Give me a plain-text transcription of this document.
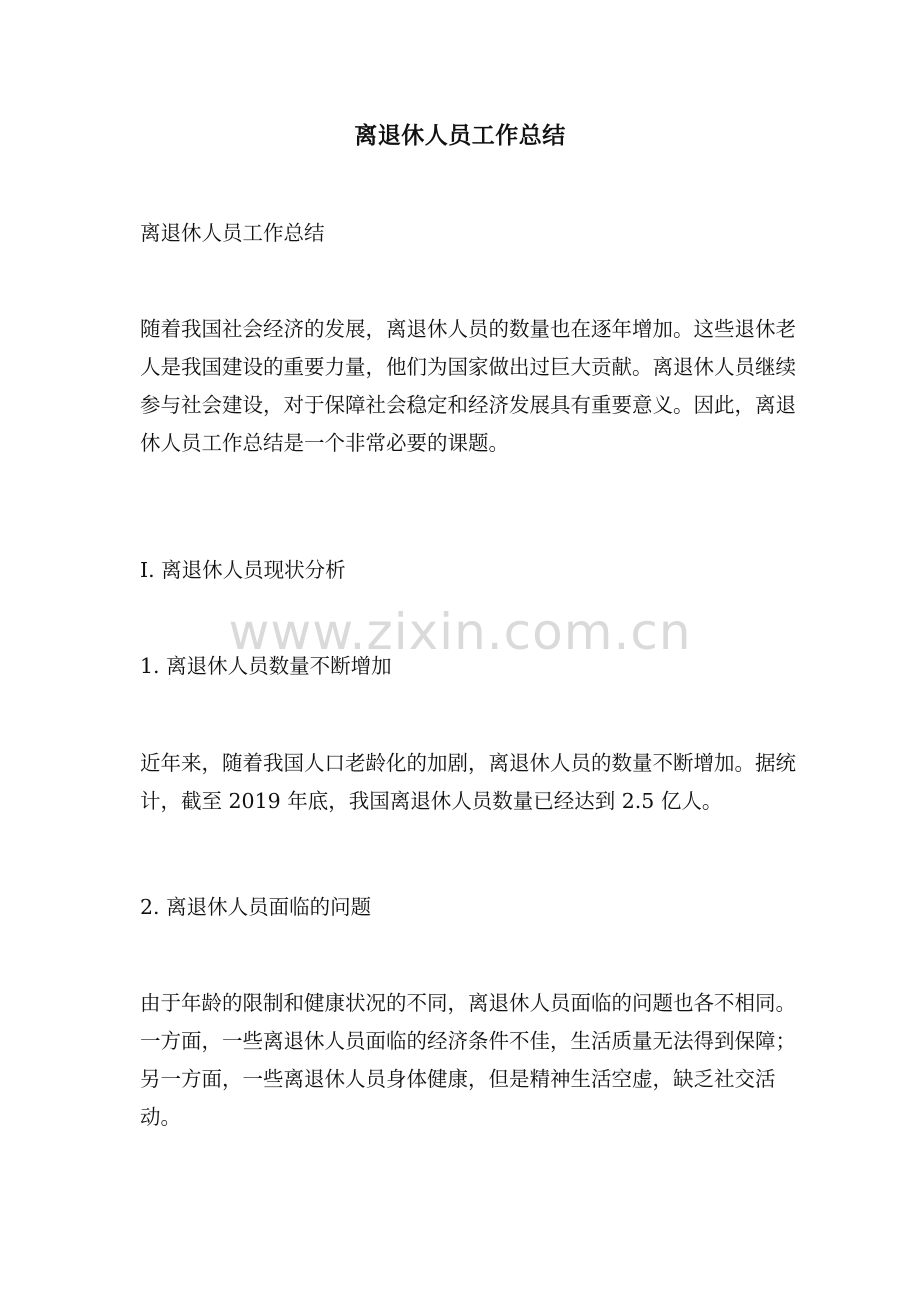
离退休人员工作总结

离退休人员工作总结

随着我国社会经济的发展，离退休人员的数量也在逐年增加。这些退休老人是我国建设的重要力量，他们为国家做出过巨大贡献。离退休人员继续参与社会建设，对于保障社会稳定和经济发展具有重要意义。因此，离退休人员工作总结是一个非常必要的课题。

I. 离退休人员现状分析

1. 离退休人员数量不断增加

近年来，随着我国人口老龄化的加剧，离退休人员的数量不断增加。据统计，截至 2019 年底，我国离退休人员数量已经达到 2.5 亿人。

2. 离退休人员面临的问题

由于年龄的限制和健康状况的不同，离退休人员面临的问题也各不相同。一方面，一些离退休人员面临的经济条件不佳，生活质量无法得到保障；另一方面，一些离退休人员身体健康，但是精神生活空虚，缺乏社交活动。

www.zixin.com.cn
